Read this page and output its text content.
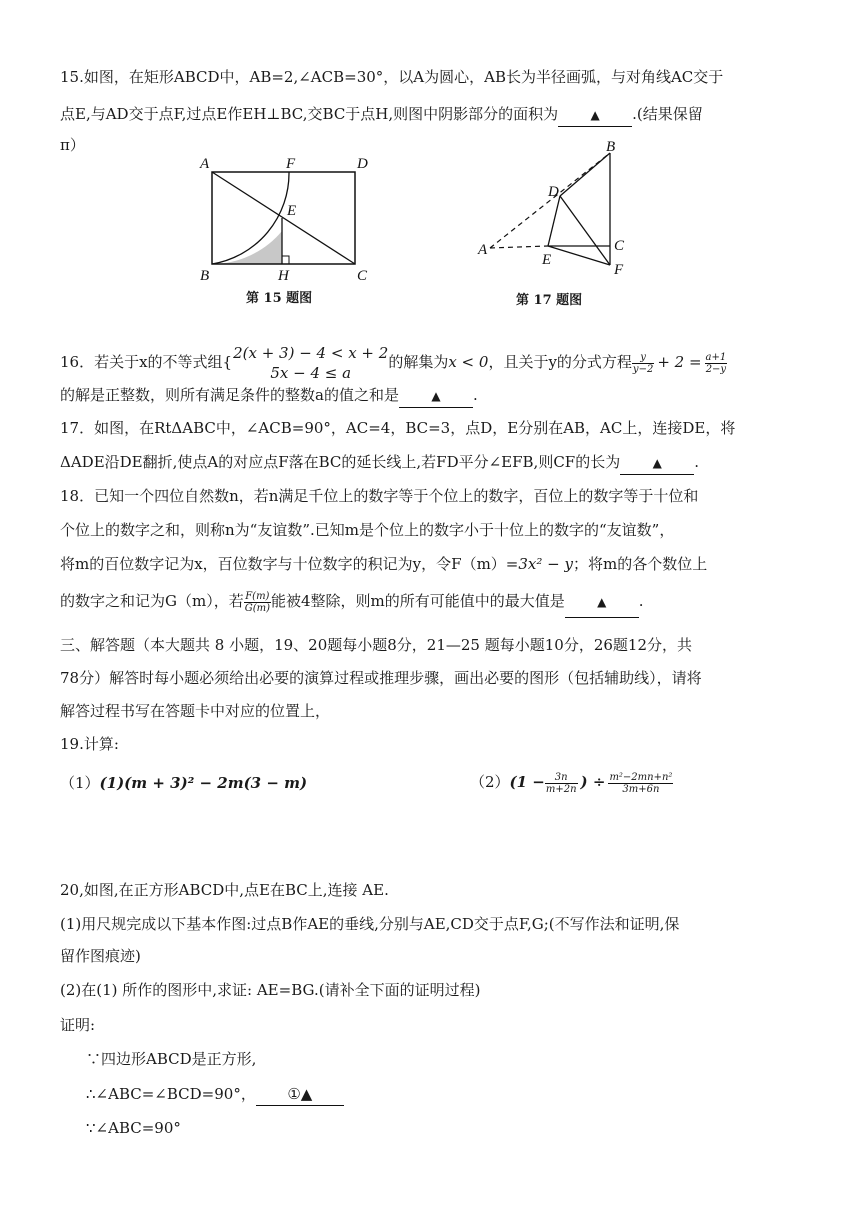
15.如图，在矩形ABCD中，AB=2,∠ACB=30°，以A为圆心，AB长为半径画弧，与对角线AC交于
点E,与AD交于点F,过点E作EH⊥BC,交BC于点H,则图中阴影部分的面积为	▲ .(结果保留
π）
A	F	D
E
B	H	C
第 15 题图
B
D
A	C
E
F
第 17 题图
16．若关于x的不等式组{ 2(x + 3) − 4 < x + 2
5x − 4 ≤ a
的解集为x < 0，且关于y的分式方程 $\frac{y}{y-2} + 2 = \frac{a+1}{2-y}$
的解是正整数，则所有满足条件的整数a的值之和是	▲ .
17．如图，在RtΔABC中，∠ACB=90°，AC=4，BC=3，点D，E分别在AB，AC上，连接DE，将
ΔADE沿DE翻折,使点A的对应点F落在BC的延长线上,若FD平分∠EFB,则CF的长为	▲ .
18．已知一个四位自然数n，若n满足千位上的数字等于个位上的数字，百位上的数字等于十位和
个位上的数字之和，则称n为“友谊数”.已知m是个位上的数字小于十位上的数字的“友谊数”，
将m的百位数字记为x，百位数字与十位数字的积记为y，令F（m）=3x² − y；将m的各个数位上
的数字之和记为G（m），若 $\frac{F(m)}{G(m)}$ 能被4整除，则m的所有可能值中的最大值是	▲ .
三、解答题（本大题共 8 小题，19、20题每小题8分，21—25 题每小题10分，26题12分，共
78分）解答时每小题必须给出必要的演算过程或推理步骤，画出必要的图形（包括辅助线），请将
解答过程书写在答题卡中对应的位置上，
19.计算:
（1）(1)(m + 3)² − 2m(3 − m)	$(2)(1 - \frac{3n}{m+2n}$ ) ÷ $\frac{\text{m²−2mn+n²}}{3m+6n}$
20,如图,在正方形ABCD中,点E在BC上,连接 AE.
(1)用尺规完成以下基本作图:过点B作AE的垂线,分别与AE,CD交于点F,G;(不写作法和证明,保
留作图痕迹)
(2)在(1) 所作的图形中,求证: AE=BG.(请补全下面的证明过程)
证明:
∵四边形ABCD是正方形,
∴∠ABC=∠BCD=90°， ①▲
∵∠ABC=90°
